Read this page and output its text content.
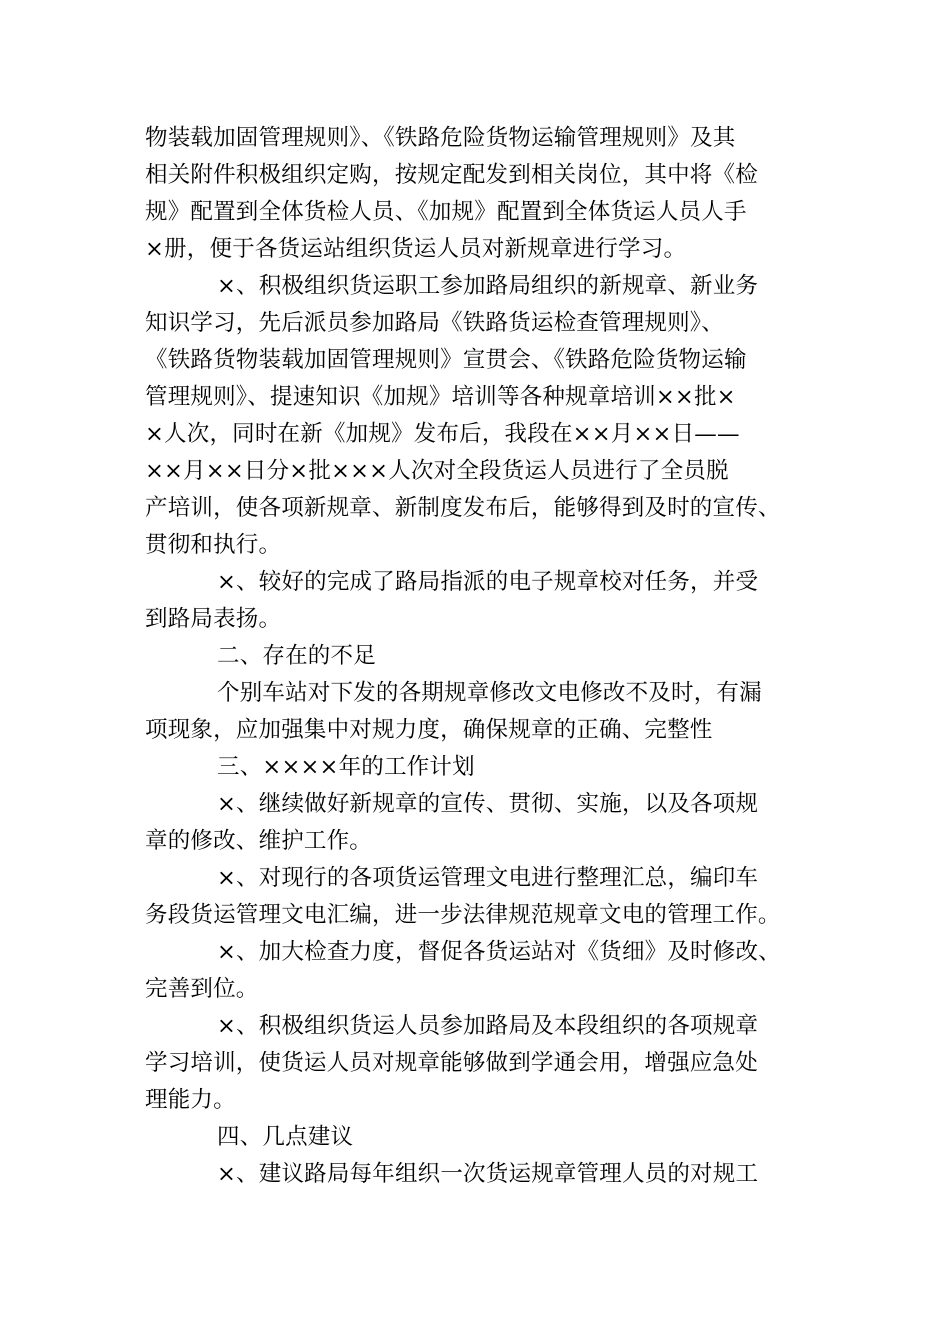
物装载加固管理规则》、《铁路危险货物运输管理规则》及其
相关附件积极组织定购，按规定配发到相关岗位，其中将《检
规》配置到全体货检人员、《加规》配置到全体货运人员人手
×册，便于各货运站组织货运人员对新规章进行学习。
×、积极组织货运职工参加路局组织的新规章、新业务
知识学习，先后派员参加路局《铁路货运检查管理规则》、
《铁路货物装载加固管理规则》宣贯会、《铁路危险货物运输
管理规则》、提速知识《加规》培训等各种规章培训××批×
×人次，同时在新《加规》发布后，我段在××月××日——
××月××日分×批×××人次对全段货运人员进行了全员脱
产培训，使各项新规章、新制度发布后，能够得到及时的宣传、
贯彻和执行。
×、较好的完成了路局指派的电子规章校对任务，并受
到路局表扬。
二、存在的不足
个别车站对下发的各期规章修改文电修改不及时，有漏
项现象，应加强集中对规力度，确保规章的正确、完整性
三、××××年的工作计划
×、继续做好新规章的宣传、贯彻、实施，以及各项规
章的修改、维护工作。
×、对现行的各项货运管理文电进行整理汇总，编印车
务段货运管理文电汇编，进一步法律规范规章文电的管理工作。
×、加大检查力度，督促各货运站对《货细》及时修改、
完善到位。
×、积极组织货运人员参加路局及本段组织的各项规章
学习培训，使货运人员对规章能够做到学通会用，增强应急处
理能力。
四、几点建议
×、建议路局每年组织一次货运规章管理人员的对规工
